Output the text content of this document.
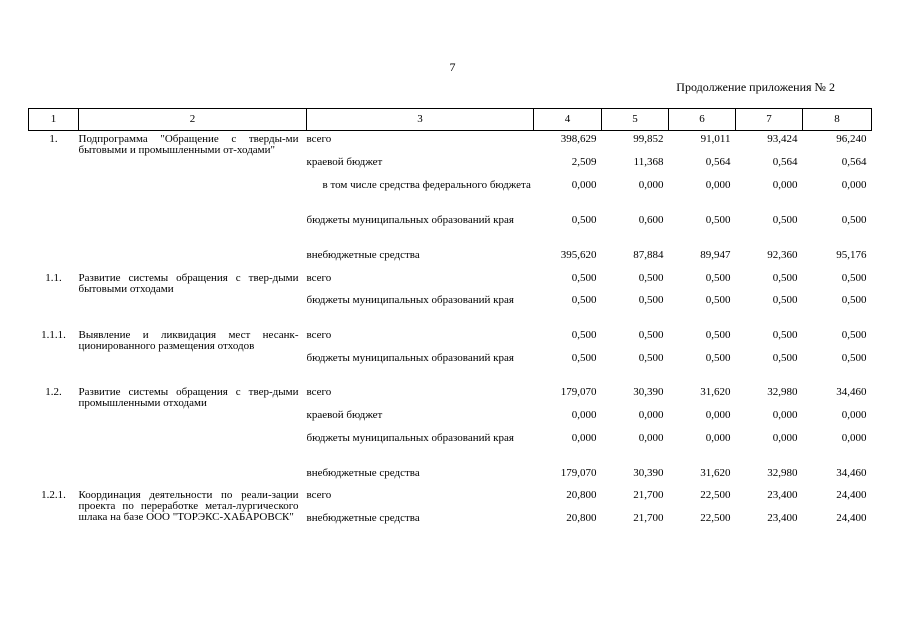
7
Продолжение приложения № 2
1	2	3	4	5	6	7	8
1.	Подпрограмма "Обращение с тверды-ми бытовыми и промышленными от-ходами"	всего	398,629	99,852	91,011	93,424	96,240
		краевой бюджет	2,509	11,368	0,564	0,564	0,564
		в том числе средства федерального бюджета	0,000	0,000	0,000	0,000	0,000
		бюджеты муниципальных образований края	0,500	0,600	0,500	0,500	0,500
		внебюджетные средства	395,620	87,884	89,947	92,360	95,176
1.1.	Развитие системы обращения с твер-дыми бытовыми отходами	всего	0,500	0,500	0,500	0,500	0,500
		бюджеты муниципальных образований края	0,500	0,500	0,500	0,500	0,500
1.1.1.	Выявление и ликвидация мест несанк-ционированного размещения отходов	всего	0,500	0,500	0,500	0,500	0,500
		бюджеты муниципальных образований края	0,500	0,500	0,500	0,500	0,500
1.2.	Развитие системы обращения с твер-дыми промышленными отходами	всего	179,070	30,390	31,620	32,980	34,460
		краевой бюджет	0,000	0,000	0,000	0,000	0,000
		бюджеты муниципальных образований края	0,000	0,000	0,000	0,000	0,000
		внебюджетные средства	179,070	30,390	31,620	32,980	34,460
1.2.1.	Координация деятельности по реали-зации проекта по переработке метал-лургического шлака на базе ООО "ТОРЭКС-ХАБАРОВСК"	всего	20,800	21,700	22,500	23,400	24,400
		внебюджетные средства	20,800	21,700	22,500	23,400	24,400
